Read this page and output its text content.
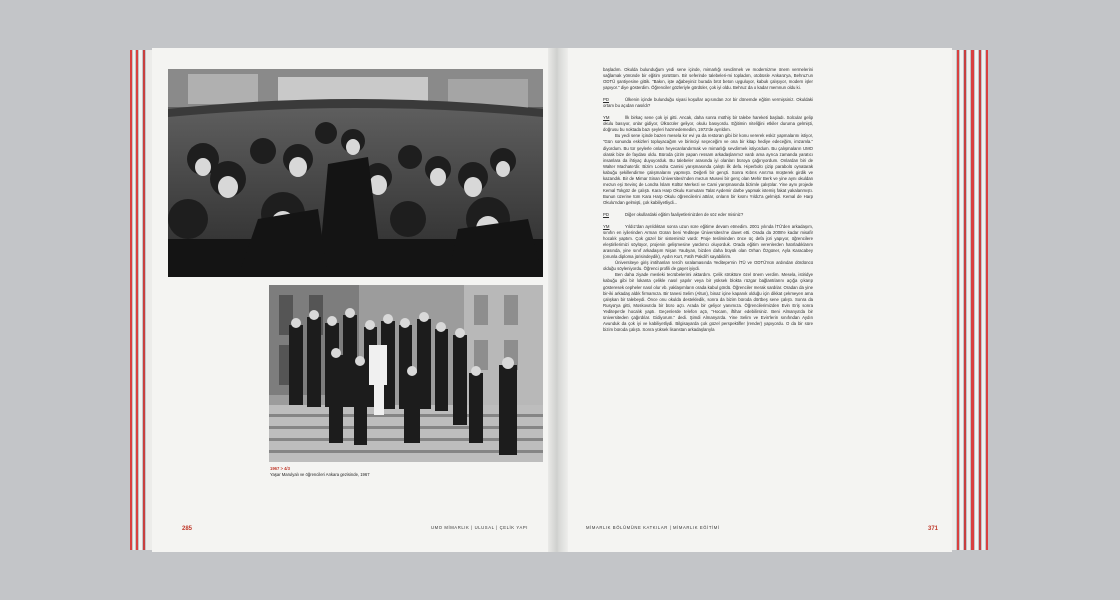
1967 > 4/3
Yaşar Marulyalı ve öğrencileri Ankara gezisinde, 1967
285	UMO MİMARLIK | ULUSAL | ÇELİK YAPI

başladım. Okulda bulunduğum yedi sene içinde, mimarlığı sevdirmek ve modernizme önem vermelerini sağlamak yönünde bir eğitim yürüttüm. Bir seferinde talebeleri-mi topladım, otobüsle Ankara'ya, Behruz'un ODTÜ şantiyesine gittik. "Bakın, işte ağabeyiniz burada brüt beton uyguluyor, kabuk çalışıyor, modern işler yapıyor." diye gösterdim. Öğrenciler gözleriyle gördüler, çok iyi oldu. Behruz da o kadar memnun oldu ki.

PD	Ülkenin içinde bulunduğu siyasi koşullar açısından zor bir dönemde eğitim vermişsiniz. Okuldaki ortam bu açıdan nasıldı?

YM	İlk birkaç sene çok iyi gitti. Ancak, daha sonra müthiş bir talebe hareketi başladı. Solcular gelip okulu basıyor, onlar gidiyor, Ülkücüler geliyor, okulu basıyordu. Eğitimin niteliğini etkiler duruma gelmişti, doğrusu bu noktada bazı şeyleri hazmedemedim, 1972'de ayrıldım.

Bu yedi sene içinde bazen mesela kır evi ya da restoran gibi bir konu vererek eskiz yapmalarını istiyor, "Gün sonunda eskizleri topluyacağım ve birinciyi seçeceğim ve ona bir kitap hediye edeceğim, imzamla." diyordum. Bu tür şeylerle onları heyecanlandırmak ve mimarlığı sevdirmek istiyordum. Bu çalışmaların UMO olarak bize de faydası oldu. Büroda çizim yapan ressam arkadaşlarımız vardı ama ayrıca zamanda yaratıcı insanlara da ihtiyaç duyuyorduk. Bu talebeler arasında iyi olanları büroya çağırıyordum. Onlardan biri de Walter Machate'dir. Bizim Londra Camisi yarışmasında çalıştı ilk defa. Hiperbolü çizip parabolü oynatarak kabuğu şekillendirme çalışmalarını yapmıştı. Değerli bir gençti. Sonra Kıbrıs Anıtı'na müşterek girdik ve kazandık. Bir de Mimar Sinan Üniversitesi'nden mezun Musevi bir genç olan Mehir Berk ve yine aynı okuldan mezun eşi Sevinç de Londra İslam Kültür Merkezi ve Cami yarışmasında bizimle çalıştılar. Yine aynı projede Kemal Tokgöz de çalıştı. Kara Harp Okulu Komutanı Talat Aydemir darbe yapmak istemiş fakat yakalanmıştı. Bunun üzerine tüm Kara Harp Okulu öğrencilerini attılar, onların bir kısmı Yıldız'a gelmişti. Kemal de Harp Okulu'ndan gelmişti, çok kabiliyetliydi...

PD	Diğer okullardaki eğitim faaliyetlerinizden de söz eder misiniz?

YM	Yıldız'dan ayrıldıktan sonra uzun süre eğitime devam etmedim. 2001 yılında İTÜ'den arkadaşım, sınıfın en iyilerinden Arman Güran beni Yeditepe Üniversitesi'ne davet etti. Orada da 2008'e kadar misafir hocalık yaptım. Çok güzel bir sistemimiz vardı: Proje tesliminden önce üç defa jüri yapıyor, öğrencilere eleştirilerimizi söylüyor, projenin gelişmesine yardımcı oluyorduk. Orada eğitim verenlerden hatırladıklarım arasında, yine sınıf arkadaşım Nişan Yaubyan, bizden daha büyük olan Orhan Özgüner, Ayla Karacabey (onunla diploma jürisindeydik), Aydın Kurt, Fatih Pakdil'i sayabilirim.

Üniversiteye giriş imtihanları tercih sıralamasında Yeditepe'nin İTÜ ve ODTÜ'nün ardından dördüncü olduğu söyleniyordu. Öğrenci profili de gayet iyiydi.

Ben daha ziyade mesleki tecrübelerimi aktardım. Çelik strüktüre özel önem verdim. Mesela, istiridye kabuğu gibi bir lokanta çelikle nasıl yapılır veya bir yüksek blokta rüzgar bağlantılarını açığa çıkarıp gösteresek cepheler nasıl olur vb. yaklaşımların orada kabul gördü. Öğrenciler merak sardılar. Oradan da yine bir-iki arkadaş aldık firmamıza. Bir tanesi Selim (Altun), binaz içine kapanık olduğu için dikkat çekmeyen ama çalışkan bir talebeydi. Önce onu okulda destekledik, sonra da bizim büroda dörtbeş sene çalıştı. Sonra da Rusya'ya gitti, Moskova'da bir büro açtı. Arada bir geliyor yanımıza. Öğrencilerimizden Evin Eriş sonra Yeditepe'de hocalık yaptı. Geçenlerde telefon açtı, "Hocam, iftihar edebilirsiniz. Beni Almanya'da bir üniversiteden çağırdılar. Gidiyorum." dedi. Şimdi Almanya'da. Yine Selim ve Evin'lerin sınıfından Aydın Avunduk da çok iyi ve kabiliyetliydi. Bilgisayarda çok güzel perspektifler (render) yapıyordu. O da bir süre bizim büroda çalıştı. Sonra yüksek lisanstan arkadaşlarıyla

MİMARLIK BÖLÜMÜNE KATKILAR | MİMARLIK EĞİTİMİ	371
